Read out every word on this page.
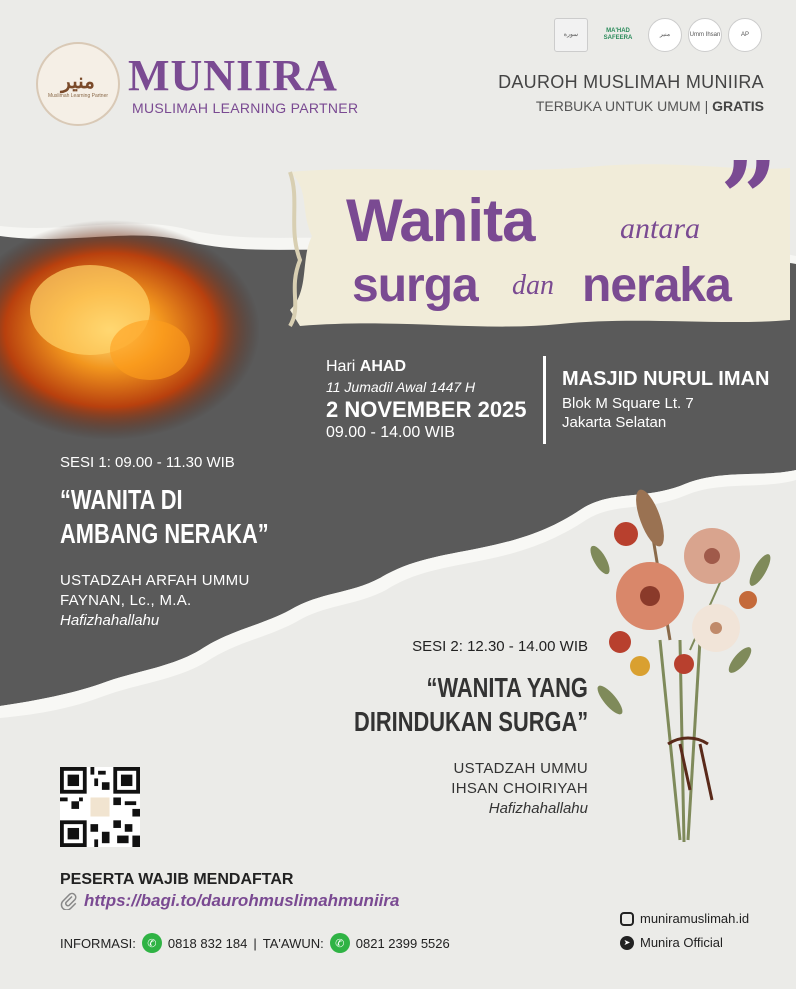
منير
Muslimah Learning Partner MUNIIRA
MUSLIMAH LEARNING PARTNER
سورة
MA'HAD SAFEERA
منير	Umm Ihsan	AP
DAUROH MUSLIMAH MUNIIRA
TERBUKA UNTUK UMUM | GRATIS
”
Wanita	antara
surga dan neraka
Hari AHAD
11 Jumadil Awal 1447 H
2 NOVEMBER 2025
09.00 - 14.00 WIB
MASJID NURUL IMAN
Blok M Square Lt. 7
Jakarta Selatan
SESI 1: 09.00 - 11.30 WIB
“WANITA DI
AMBANG NERAKA”
USTADZAH ARFAH UMMU
FAYNAN, Lc., M.A.
Hafizhahallahu
SESI 2: 12.30 - 14.00 WIB
“WANITA YANG
DIRINDUKAN SURGA”
USTADZAH UMMU
IHSAN CHOIRIYAH
Hafizhahallahu
PESERTA WAJIB MENDAFTAR
https://bagi.to/daurohmuslimahmuniira
INFORMASI:	✆ 0818 832 184 | TA'AWUN:	✆ 0821 2399 5526
muniramuslimah.id
➤ Munira Official
